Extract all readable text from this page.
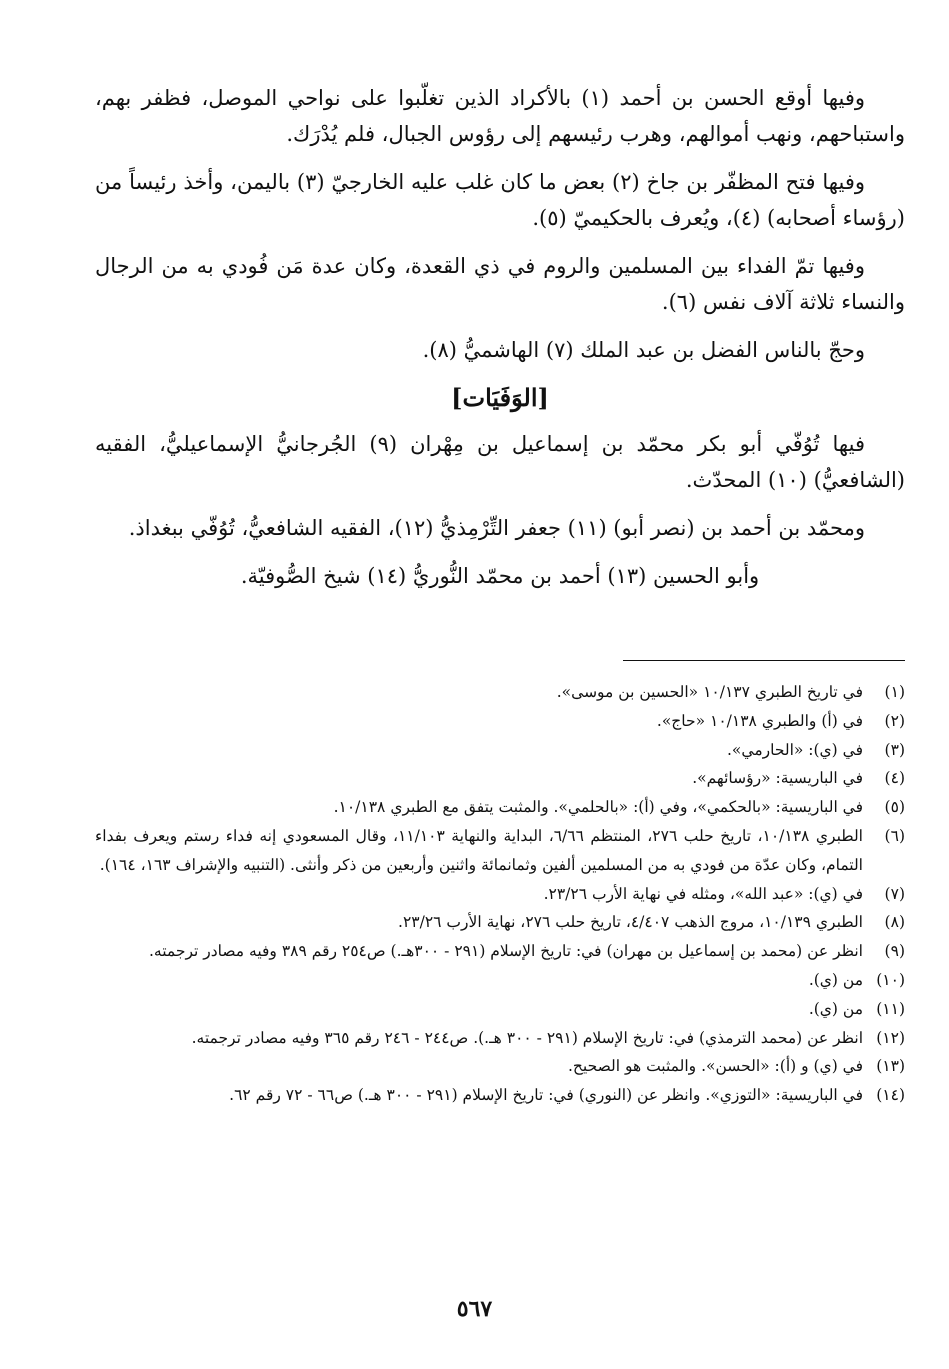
وفيها أوقع الحسن بن أحمد (١) بالأكراد الذين تغلّبوا على نواحي الموصل، فظفر بهم، واستباحهم، ونهب أموالهم، وهرب رئيسهم إلى رؤوس الجبال، فلم يُدْرَك.

وفيها فتح المظفّر بن جاخ (٢) بعض ما كان غلب عليه الخارجيّ (٣) باليمن، وأخذ رئيساً من (رؤساء أصحابه) (٤)، ويُعرف بالحكيميّ (٥).

وفيها تمّ الفداء بين المسلمين والروم في ذي القعدة، وكان عدة مَن فُودي به من الرجال والنساء ثلاثة آلاف نفس (٦).

وحجّ بالناس الفضل بن عبد الملك (٧) الهاشميُّ (٨).

[الوَفَيَات]

فيها تُوُفّي أبو بكر محمّد بن إسماعيل بن مِهْران (٩) الجُرجانيُّ الإسماعيليُّ، الفقيه (الشافعيُّ) (١٠) المحدّث.

ومحمّد بن أحمد بن (نصر أبو) (١١) جعفر التِّرْمِذيُّ (١٢)، الفقيه الشافعيُّ، تُوُفّي ببغداذ.

وأبو الحسين (١٣) أحمد بن محمّد النُّوريُّ (١٤) شيخ الصُّوفيّة.

(١)
في تاريخ الطبري ١٠/١٣٧ «الحسين بن موسى».
(٢)
في (أ) والطبري ١٠/١٣٨ «حاج».
(٣)
في (ي): «الحارمي».
(٤)
في الباريسية: «رؤسائهم».
(٥)
في الباريسية: «بالحكمي»، وفي (أ): «بالحلمي». والمثبت يتفق مع الطبري ١٠/١٣٨.
(٦)
الطبري ١٠/١٣٨، تاريخ حلب ٢٧٦، المنتظم ٦/٦٦، البداية والنهاية ١١/١٠٣، وقال المسعودي إنه فداء رستم ويعرف بفداء التمام، وكان عدّة من فودي به من المسلمين ألفين وثمانمائة واثنين وأربعين من ذكر وأنثى. (التنبيه والإشراف ١٦٣، ١٦٤).
(٧)
في (ي): «عبد الله»، ومثله في نهاية الأرب ٢٣/٢٦.
(٨)
الطبري ١٠/١٣٩، مروج الذهب ٤/٤٠٧، تاريخ حلب ٢٧٦، نهاية الأرب ٢٣/٢٦.
(٩)
انظر عن (محمد بن إسماعيل بن مهران) في: تاريخ الإسلام (٢٩١ - ٣٠٠هـ.) ص٢٥٤ رقم ٣٨٩ وفيه مصادر ترجمته.
(١٠)
من (ي).
(١١)
من (ي).
(١٢)
انظر عن (محمد الترمذي) في: تاريخ الإسلام (٢٩١ - ٣٠٠ هـ.). ص٢٤٤ - ٢٤٦ رقم ٣٦٥ وفيه مصادر ترجمته.
(١٣)
في (ي) و (أ): «الحسن». والمثبت هو الصحيح.
(١٤)
في الباريسية: «التوزي». وانظر عن (النوري) في: تاريخ الإسلام (٢٩١ - ٣٠٠ هـ.) ص٦٦ - ٧٢ رقم ٦٢.
٥٦٧
